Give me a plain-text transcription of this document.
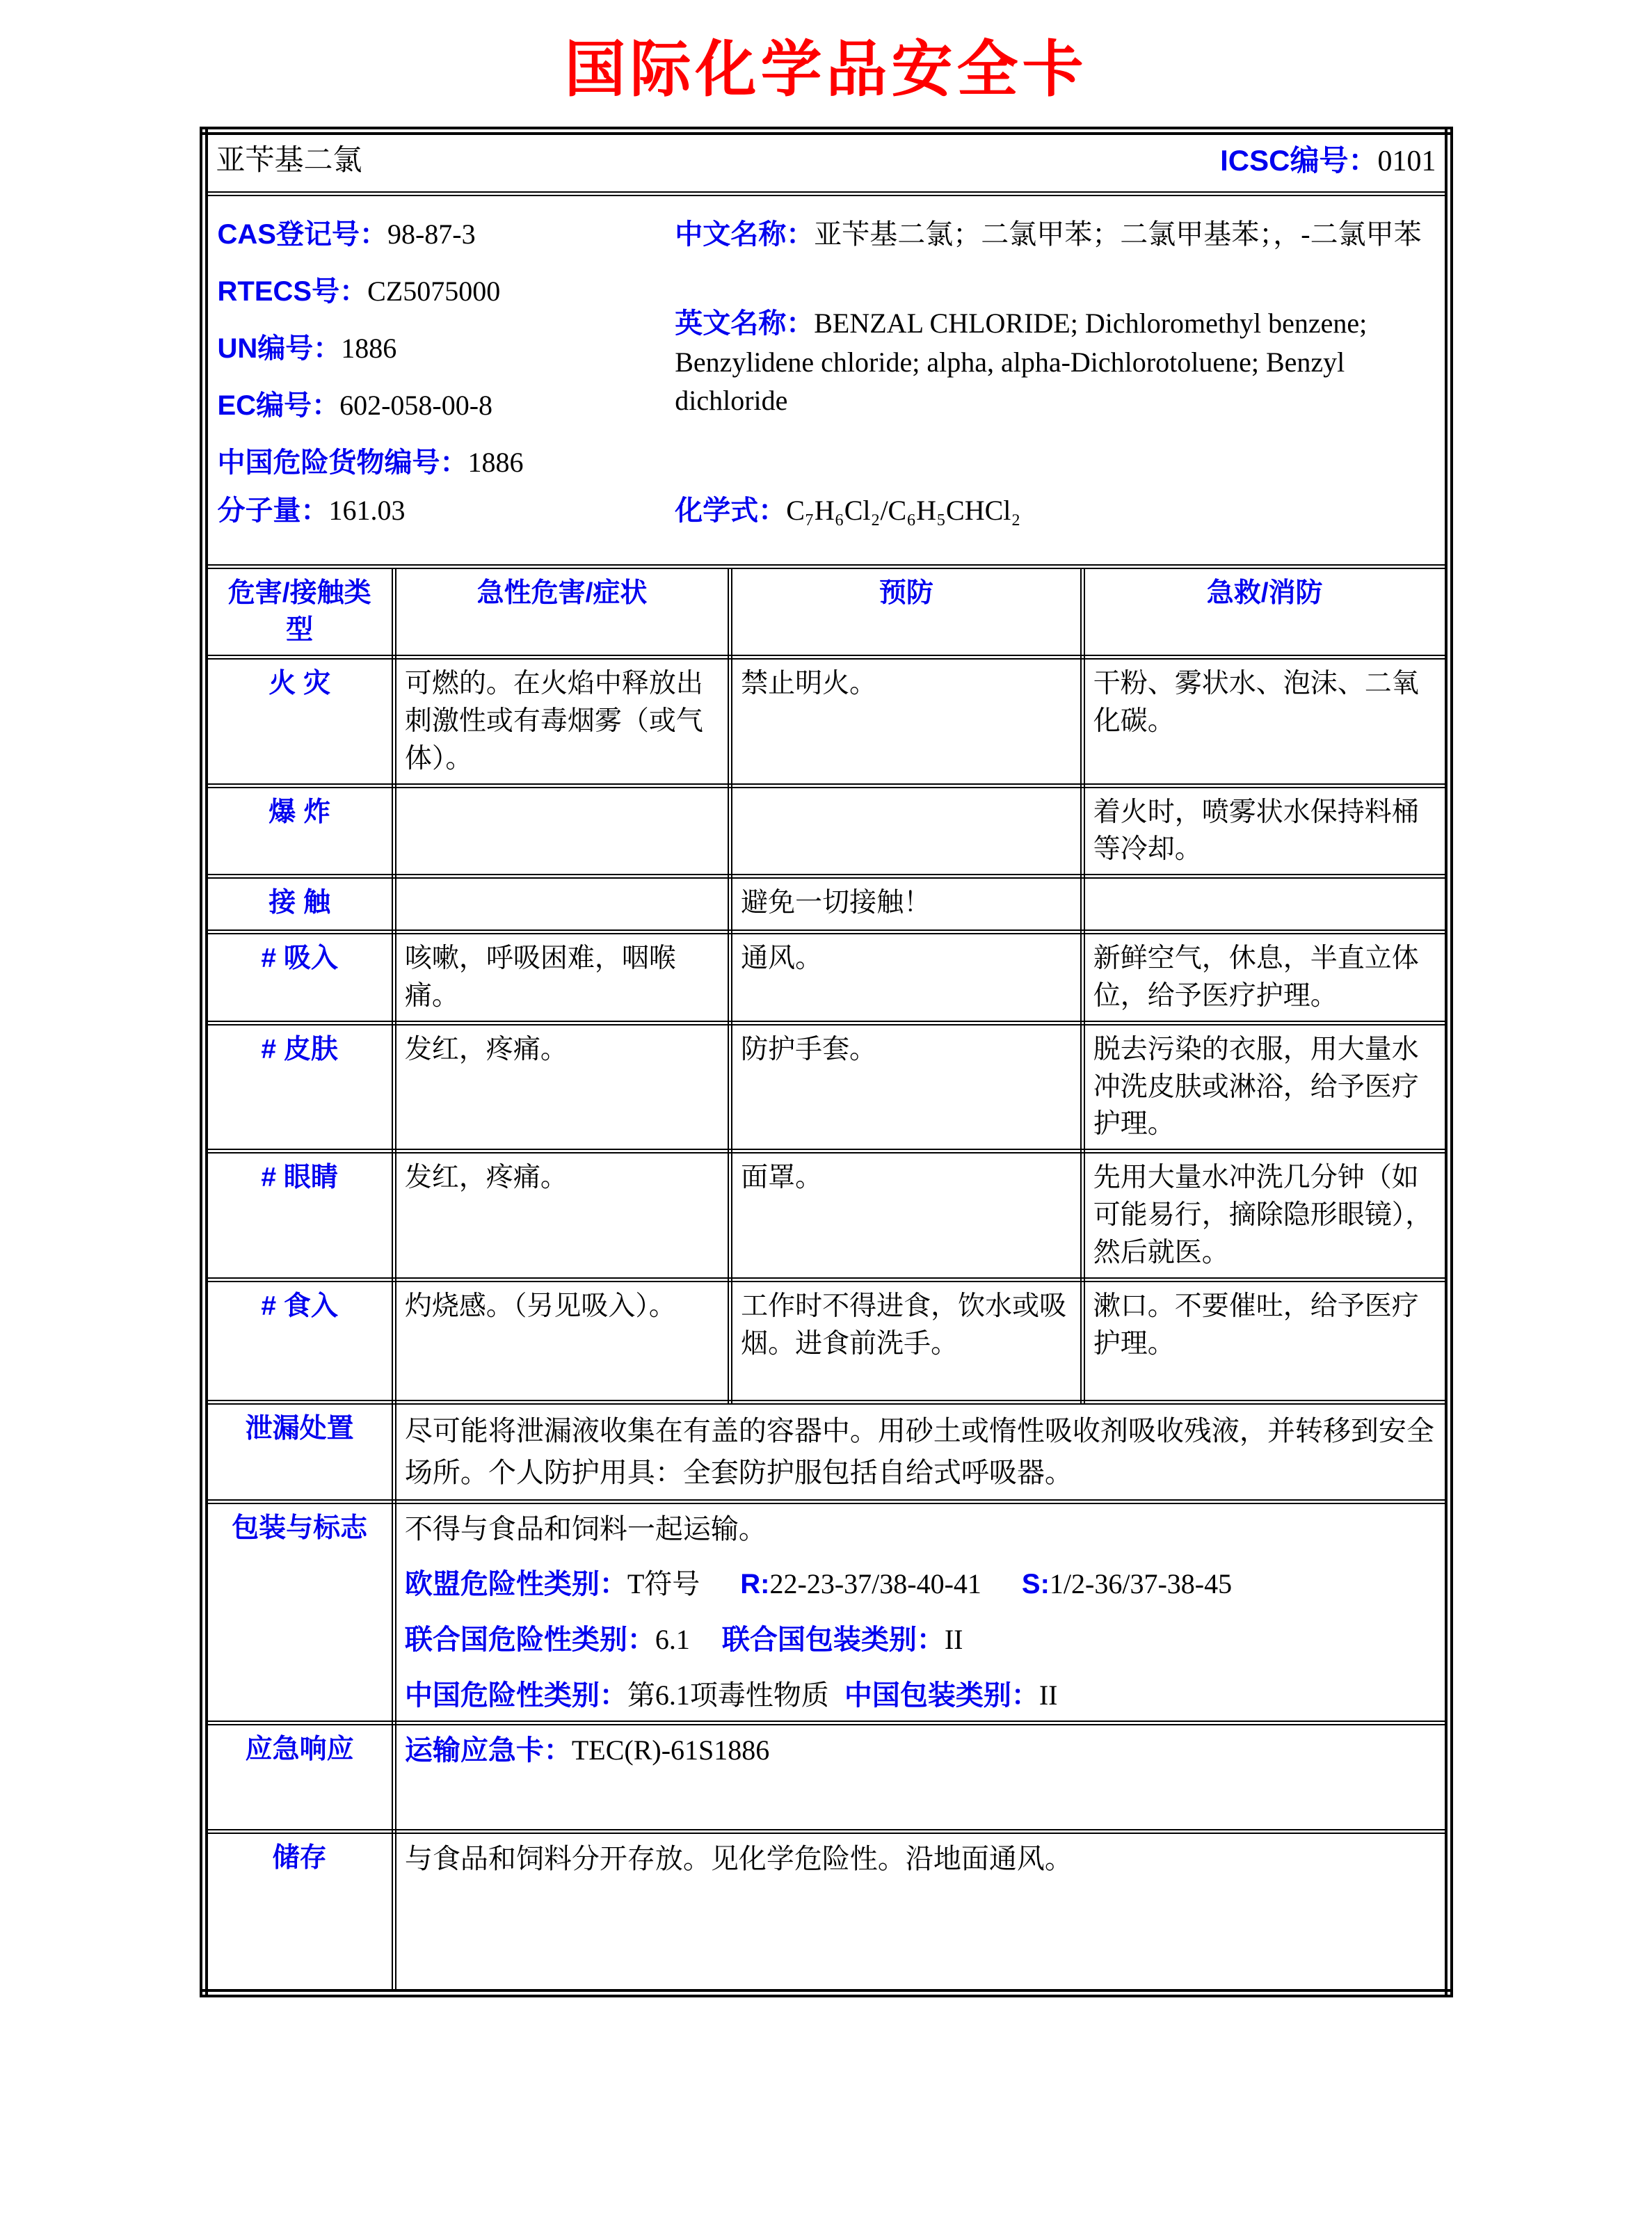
国际化学品安全卡
亚苄基二氯 ICSC编号：0101			

CAS登记号：98-87-3
RTECS号：CZ5075000
UN编号：1886
EC编号：602-058-00-8
中国危险货物编号：1886
分子量：161.03
中文名称：亚苄基二氯；二氯甲苯；二氯甲基苯；，-二氯甲苯
英文名称：BENZAL CHLORIDE; Dichloromethyl benzene; Benzylidene chloride; alpha, alpha-Dichlorotoluene; Benzyl dichloride
化学式：C₇H₆Cl₂/C₆H₅CHCl₂

危害/接触类型	急性危害/症状	预防	急救/消防
火 灾	可燃的。在火焰中释放出刺激性或有毒烟雾（或气体）。	禁止明火。	干粉、雾状水、泡沫、二氧化碳。
爆 炸			着火时，喷雾状水保持料桶等冷却。
接 触		避免一切接触！	
# 吸入	咳嗽，呼吸困难，咽喉痛。	通风。	新鲜空气，休息，半直立体位，给予医疗护理。
# 皮肤	发红，疼痛。	防护手套。	脱去污染的衣服，用大量水冲洗皮肤或淋浴，给予医疗护理。
# 眼睛	发红，疼痛。	面罩。	先用大量水冲洗几分钟（如可能易行，摘除隐形眼镜），然后就医。
# 食入	灼烧感。（另见吸入）。	工作时不得进食，饮水或吸烟。进食前洗手。	漱口。不要催吐，给予医疗护理。
泄漏处置	尽可能将泄漏液收集在有盖的容器中。用砂土或惰性吸收剂吸收残液，并转移到安全场所。个人防护用具：全套防护服包括自给式呼吸器。		
包装与标志	不得与食品和饲料一起运输。
欧盟危险性类别：T符号 R:22-23-37/38-40-41 S:1/2-36/37-38-45
联合国危险性类别：6.1 联合国包装类别：II
中国危险性类别：第6.1项毒性物质 中国包装类别：II		

应急响应	运输应急卡：TEC(R)-61S1886		
储存	与食品和饲料分开存放。见化学危险性。沿地面通风。		
